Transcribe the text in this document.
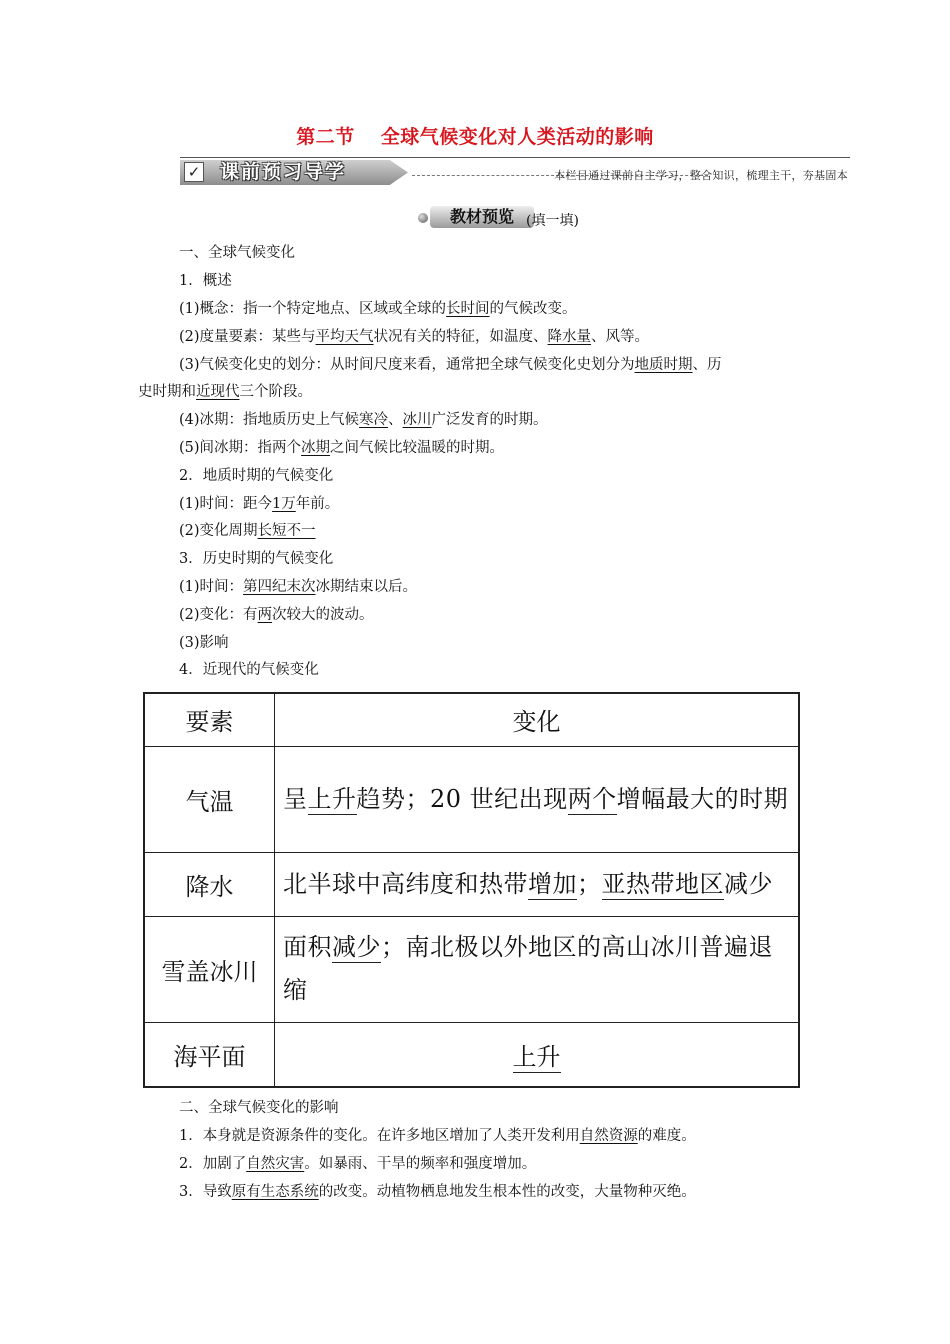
第二节 全球气候变化对人类活动的影响
✓ 课前预习导学	本栏目通过课前自主学习，整合知识，梳理主干，夯基固本
教材预览 (填一填)
一、全球气候变化
1．概述
(1)概念：指一个特定地点、区域或全球的长时间的气候改变。
(2)度量要素：某些与平均天气状况有关的特征，如温度、降水量、风等。
(3)气候变化史的划分：从时间尺度来看，通常把全球气候变化史划分为地质时期、历
史时期和近现代三个阶段。
(4)冰期：指地质历史上气候寒冷、冰川广泛发育的时期。
(5)间冰期：指两个冰期之间气候比较温暖的时期。
2．地质时期的气候变化
(1)时间：距今1万年前。
(2)变化周期长短不一
3．历史时期的气候变化
(1)时间：第四纪末次冰期结束以后。
(2)变化：有两次较大的波动。
(3)影响
4．近现代的气候变化
要素	变化
气温	呈上升趋势；20 世纪出现两个增幅最大的时期
降水	北半球中高纬度和热带增加；亚热带地区减少
雪盖冰川	面积减少；南北极以外地区的高山冰川普遍退缩
海平面	上升
二、全球气候变化的影响
1．本身就是资源条件的变化。在许多地区增加了人类开发利用自然资源的难度。
2．加剧了自然灾害。如暴雨、干旱的频率和强度增加。
3．导致原有生态系统的改变。动植物栖息地发生根本性的改变，大量物种灭绝。
